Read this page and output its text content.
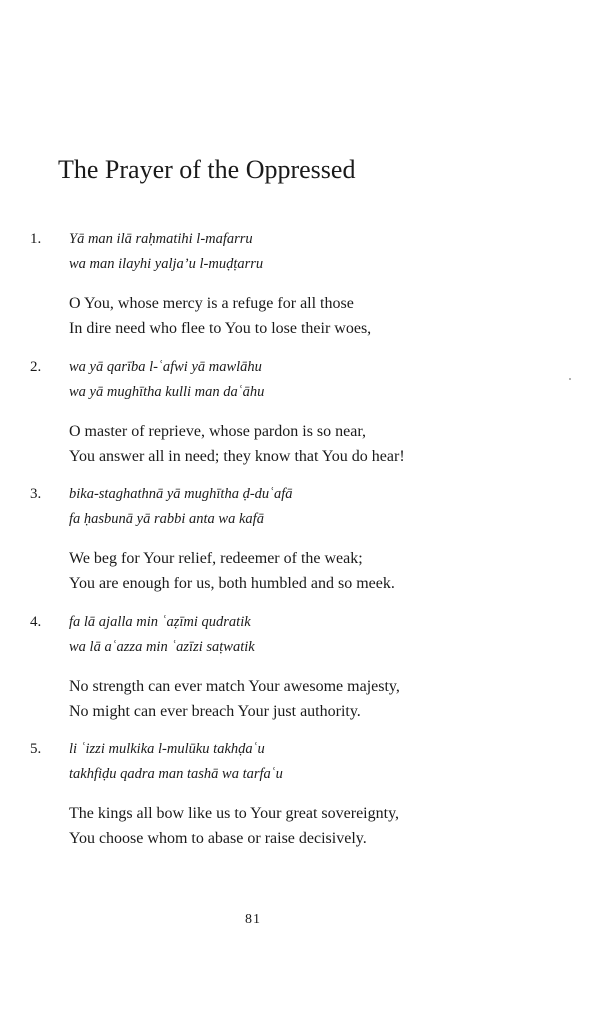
The Prayer of the Oppressed
1. Yā man ilā raḥmatihi l-mafarru
wa man ilayhi yalja’u l-muḍṭarru
O You, whose mercy is a refuge for all those
In dire need who flee to You to lose their woes,
2. wa yā qarība l-ʿafwi yā mawlāhu
wa yā mughītha kulli man daʿāhu
O master of reprieve, whose pardon is so near,
You answer all in need; they know that You do hear!
3. bika-staghathnā yā mughītha ḍ-duʿafā
fa ḥasbunā yā rabbi anta wa kafā
We beg for Your relief, redeemer of the weak;
You are enough for us, both humbled and so meek.
4. fa lā ajalla min ʿaẓīmi qudratik
wa lā aʿazza min ʿazīzi saṭwatik
No strength can ever match Your awesome majesty,
No might can ever breach Your just authority.
5. li ʿizzi mulkika l-mulūku takhḍaʿu
takhfiḍu qadra man tashā wa tarfaʿu
The kings all bow like us to Your great sovereignty,
You choose whom to abase or raise decisively.
81
